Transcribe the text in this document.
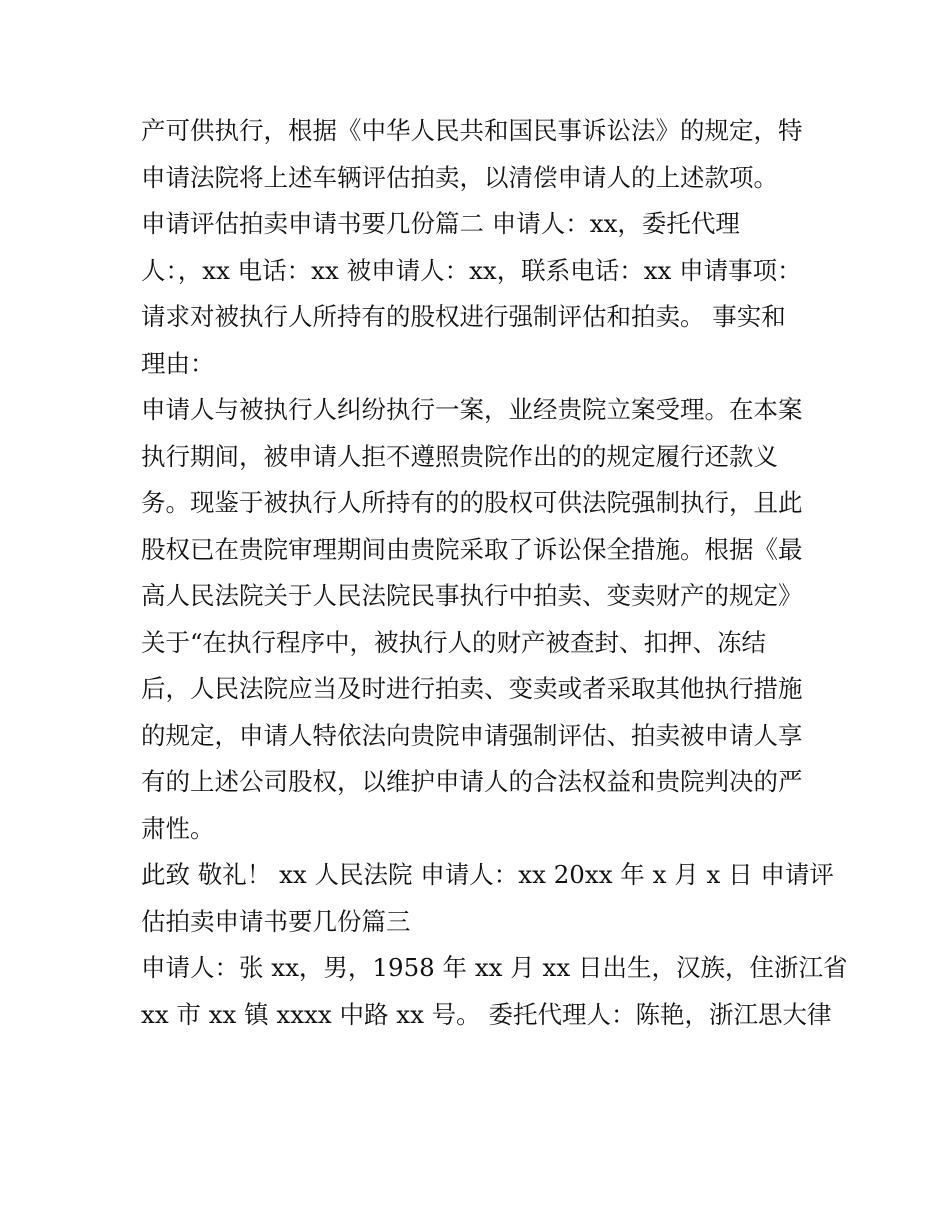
产可供执行，根据《中华人民共和国民事诉讼法》的规定，特
申请法院将上述车辆评估拍卖，以清偿申请人的上述款项。
申请评估拍卖申请书要几份篇二 申请人：xx，委托代理
人：，xx 电话：xx 被申请人：xx，联系电话：xx 申请事项：
请求对被执行人所持有的股权进行强制评估和拍卖。 事实和
理由：
申请人与被执行人纠纷执行一案，业经贵院立案受理。在本案
执行期间，被申请人拒不遵照贵院作出的的规定履行还款义
务。现鉴于被执行人所持有的的股权可供法院强制执行，且此
股权已在贵院审理期间由贵院采取了诉讼保全措施。根据《最
高人民法院关于人民法院民事执行中拍卖、变卖财产的规定》
关于“在执行程序中，被执行人的财产被查封、扣押、冻结
后，人民法院应当及时进行拍卖、变卖或者采取其他执行措施
的规定，申请人特依法向贵院申请强制评估、拍卖被申请人享
有的上述公司股权，以维护申请人的合法权益和贵院判决的严
肃性。
此致 敬礼！ xx 人民法院 申请人：xx 20xx 年 x 月 x 日 申请评
估拍卖申请书要几份篇三
申请人：张 xx，男，1958 年 xx 月 xx 日出生，汉族，住浙江省
xx 市 xx 镇 xxxx 中路 xx 号。 委托代理人：陈艳，浙江思大律
